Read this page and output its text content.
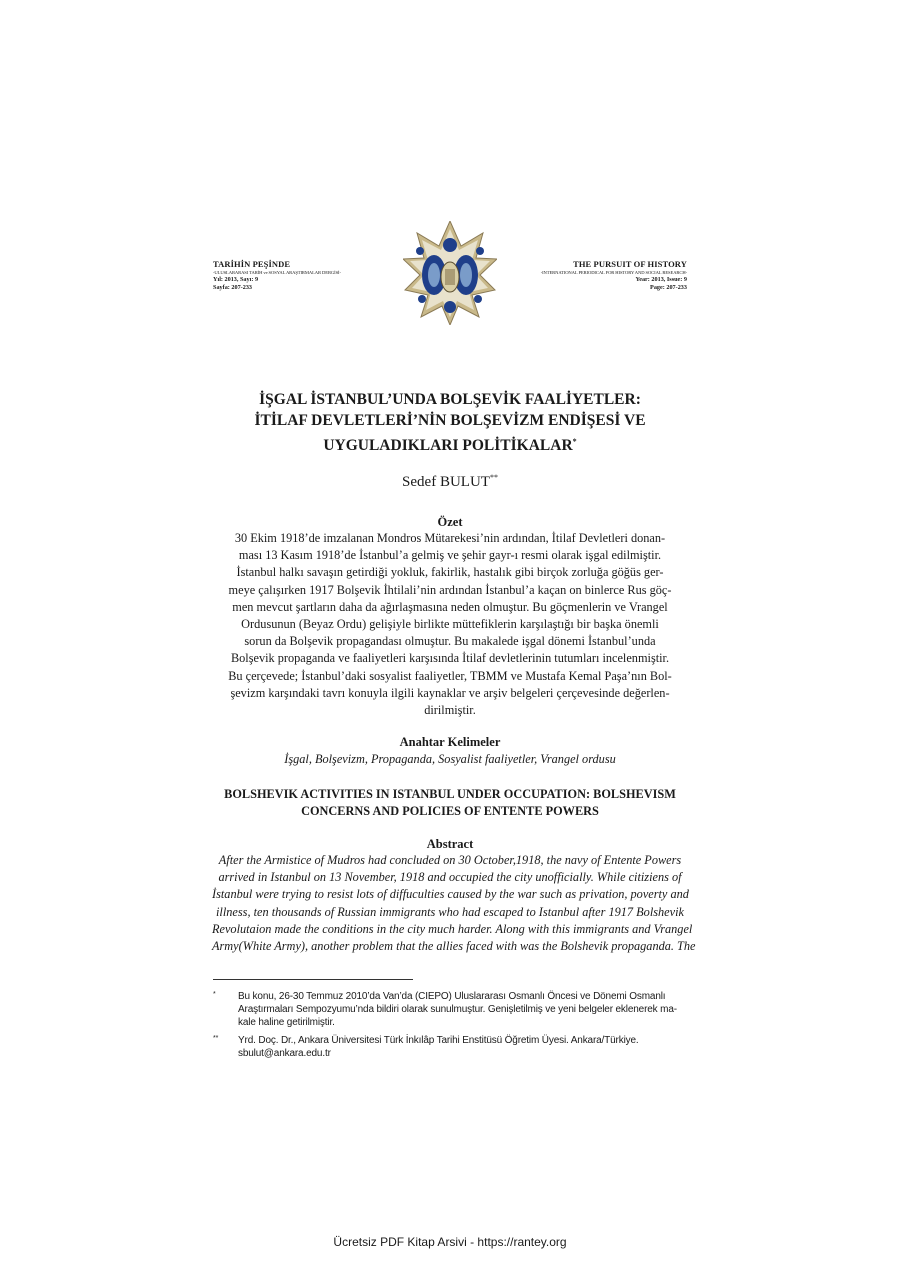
TARİHİN PEŞİNDE
-ULUSLARARASI TARİH ve SOSYAL ARAŞTIRMALAR DERGİSİ-
Yıl: 2013, Sayı: 9
Sayfa: 207-233
THE PURSUIT OF HISTORY
-INTERNATIONAL PERIODICAL FOR HISTORY AND SOCIAL RESEARCH-
Year: 2013, Issue: 9
Page: 207-233
İŞGAL İSTANBUL’UNDA BOLŞEVİK FAALİYETLER:
İTİLAF DEVLETLERİ’NİN BOLŞEVİZM ENDİŞESİ VE
UYGULADIKLARI POLİTİKALAR*
Sedef BULUT**
Özet
30 Ekim 1918’de imzalanan Mondros Mütarekesi’nin ardından, İtilaf Devletleri donan-
ması 13 Kasım 1918’de İstanbul’a gelmiş ve şehir gayr-ı resmi olarak işgal edilmiştir.
İstanbul halkı savaşın getirdiği yokluk, fakirlik, hastalık gibi birçok zorluğa göğüs ger-
meye çalışırken 1917 Bolşevik İhtilali’nin ardından İstanbul’a kaçan on binlerce Rus göç-
men mevcut şartların daha da ağırlaşmasına neden olmuştur. Bu göçmenlerin ve Vrangel
Ordusunun (Beyaz Ordu) gelişiyle birlikte müttefiklerin karşılaştığı bir başka önemli
sorun da Bolşevik propagandası olmuştur. Bu makalede işgal dönemi İstanbul’unda
Bolşevik propaganda ve faaliyetleri karşısında İtilaf devletlerinin tutumları incelenmiştir.
Bu çerçevede; İstanbul’daki sosyalist faaliyetler, TBMM ve Mustafa Kemal Paşa’nın Bol-
şevizm karşındaki tavrı konuyla ilgili kaynaklar ve arşiv belgeleri çerçevesinde değerlen-
dirilmiştir.
Anahtar Kelimeler
İşgal, Bolşevizm, Propaganda, Sosyalist faaliyetler, Vrangel ordusu
BOLSHEVIK ACTIVITIES IN ISTANBUL UNDER OCCUPATION: BOLSHEVISM
CONCERNS AND POLICIES OF ENTENTE POWERS
Abstract
After the Armistice of Mudros had concluded on 30 October,1918, the navy of Entente Powers
arrived in Istanbul on 13 November, 1918 and occupied the city unofficially. While citiziens of
İstanbul were trying to resist lots of diffuculties caused by the war such as privation, poverty and
illness, ten thousands of Russian immigrants who had escaped to Istanbul after 1917 Bolshevik
Revolutaion made the conditions in the city much harder. Along with this immigrants and Vrangel
Army(White Army), another problem that the allies faced with was the Bolshevik propaganda. The
* Bu konu, 26-30 Temmuz 2010’da Van’da (CIEPO) Uluslararası Osmanlı Öncesi ve Dönemi Osmanlı
Araştırmaları Sempozyumu’nda bildiri olarak sunulmuştur. Genişletilmiş ve yeni belgeler eklenerek ma-
kale haline getirilmiştir.
** Yrd. Doç. Dr., Ankara Üniversitesi Türk İnkılâp Tarihi Enstitüsü Öğretim Üyesi. Ankara/Türkiye.
sbulut@ankara.edu.tr
Ücretsiz PDF Kitap Arsivi - https://rantey.org
